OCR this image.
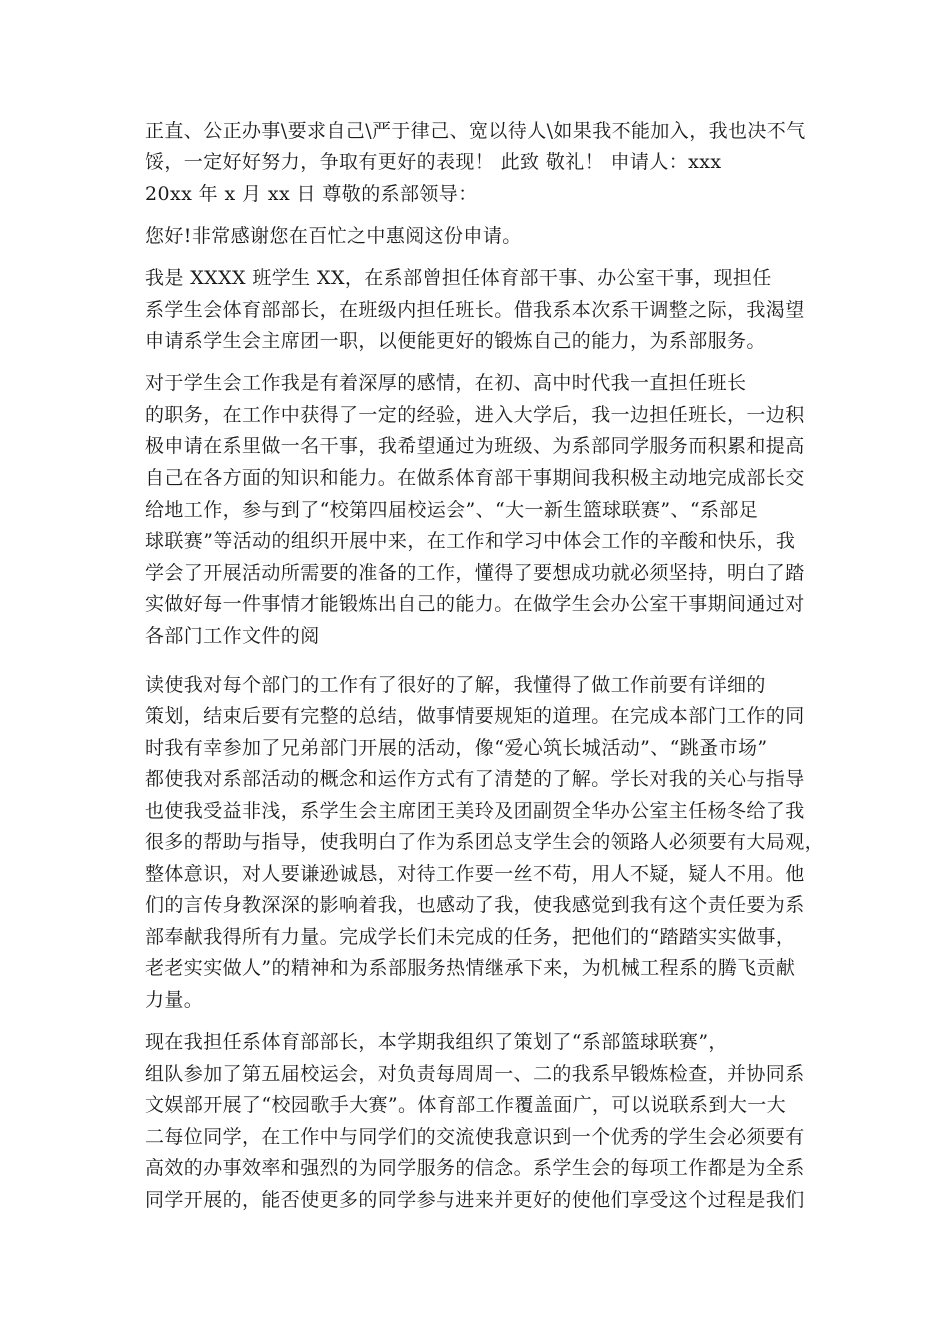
正直、公正办事\要求自己\严于律己、宽以待人\如果我不能加入，我也决不气
馁，一定好好努力，争取有更好的表现！ 此致 敬礼！ 申请人：xxx
20xx 年 x 月 xx 日 尊敬的系部领导：
您好!非常感谢您在百忙之中惠阅这份申请。
我是 XXXX 班学生 XX，在系部曾担任体育部干事、办公室干事，现担任
系学生会体育部部长，在班级内担任班长。借我系本次系干调整之际，我渴望
申请系学生会主席团一职，以便能更好的锻炼自己的能力，为系部服务。
对于学生会工作我是有着深厚的感情，在初、高中时代我一直担任班长
的职务，在工作中获得了一定的经验，进入大学后，我一边担任班长，一边积
极申请在系里做一名干事，我希望通过为班级、为系部同学服务而积累和提高
自己在各方面的知识和能力。在做系体育部干事期间我积极主动地完成部长交
给地工作，参与到了“校第四届校运会”、“大一新生篮球联赛”、“系部足
球联赛”等活动的组织开展中来，在工作和学习中体会工作的辛酸和快乐，我
学会了开展活动所需要的准备的工作，懂得了要想成功就必须坚持，明白了踏
实做好每一件事情才能锻炼出自己的能力。在做学生会办公室干事期间通过对
各部门工作文件的阅
读使我对每个部门的工作有了很好的了解，我懂得了做工作前要有详细的
策划，结束后要有完整的总结，做事情要规矩的道理。在完成本部门工作的同
时我有幸参加了兄弟部门开展的活动，像“爱心筑长城活动”、“跳蚤市场”
都使我对系部活动的概念和运作方式有了清楚的了解。学长对我的关心与指导
也使我受益非浅，系学生会主席团王美玲及团副贺全华办公室主任杨冬给了我
很多的帮助与指导，使我明白了作为系团总支学生会的领路人必须要有大局观，
整体意识，对人要谦逊诚恳，对待工作要一丝不苟，用人不疑，疑人不用。他
们的言传身教深深的影响着我，也感动了我，使我感觉到我有这个责任要为系
部奉献我得所有力量。完成学长们未完成的任务，把他们的“踏踏实实做事，
老老实实做人”的精神和为系部服务热情继承下来，为机械工程系的腾飞贡献
力量。
现在我担任系体育部部长，本学期我组织了策划了“系部篮球联赛”，
组队参加了第五届校运会，对负责每周周一、二的我系早锻炼检查，并协同系
文娱部开展了“校园歌手大赛”。体育部工作覆盖面广，可以说联系到大一大
二每位同学，在工作中与同学们的交流使我意识到一个优秀的学生会必须要有
高效的办事效率和强烈的为同学服务的信念。系学生会的每项工作都是为全系
同学开展的，能否使更多的同学参与进来并更好的使他们享受这个过程是我们
